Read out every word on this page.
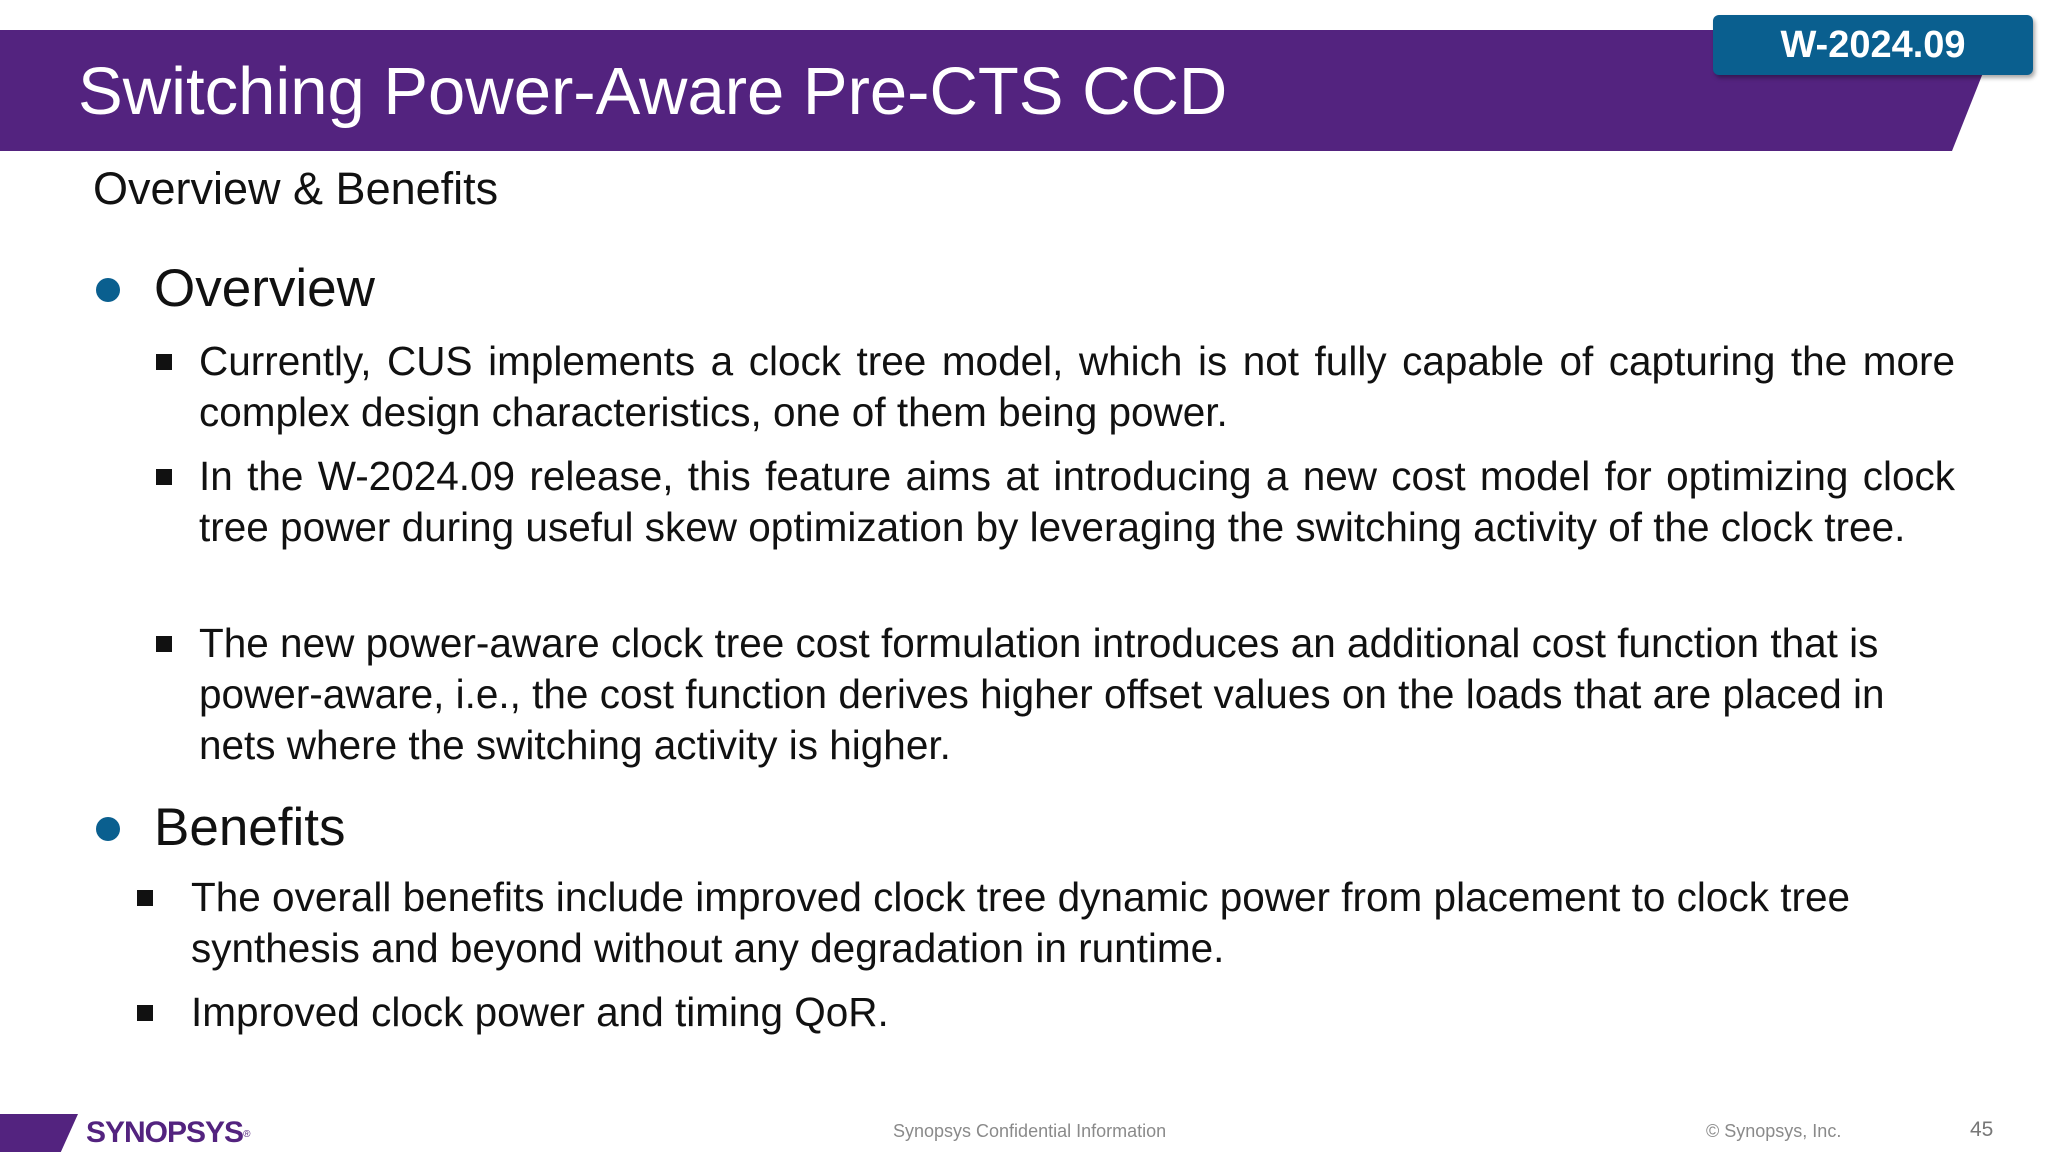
Switching Power-Aware Pre-CTS CCD
W-2024.09
Overview & Benefits
Overview
Currently, CUS implements a clock tree model, which is not fully capable of capturing the more complex design characteristics, one of them being power.
In the W-2024.09 release, this feature aims at introducing a new cost model for optimizing clock tree power during useful skew optimization by leveraging the switching activity of the clock tree.
The new power-aware clock tree cost formulation introduces an additional cost function that is power-aware, i.e., the cost function derives higher offset values on the loads that are placed in nets where the switching activity is higher.
Benefits
The overall benefits include improved clock tree dynamic power from placement to clock tree synthesis and beyond without any degradation in runtime.
Improved clock power and timing QoR.
SYNOPSYS®	Synopsys Confidential Information	© Synopsys, Inc.	45
